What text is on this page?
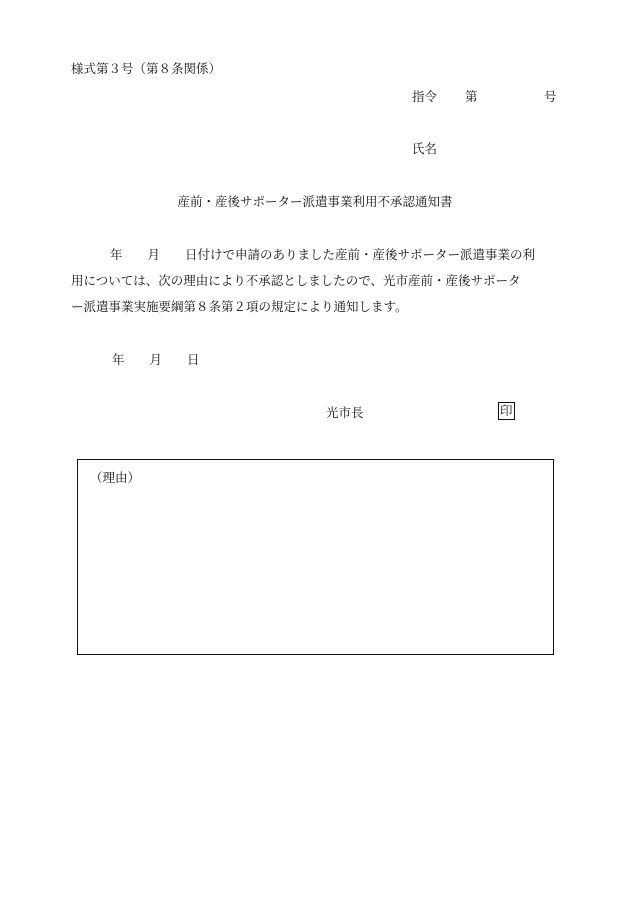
様式第３号（第８条関係）
指令 第	号
氏名
産前・産後サポーター派遣事業利用不承認通知書
年　　月　　日付けで申請のありました産前・産後サポーター派遣事業の利
用については、次の理由により不承認としましたので、光市産前・産後サポータ
ー派遣事業実施要綱第８条第２項の規定により通知します。
年　　月　　日
光市長	印
（理由）
